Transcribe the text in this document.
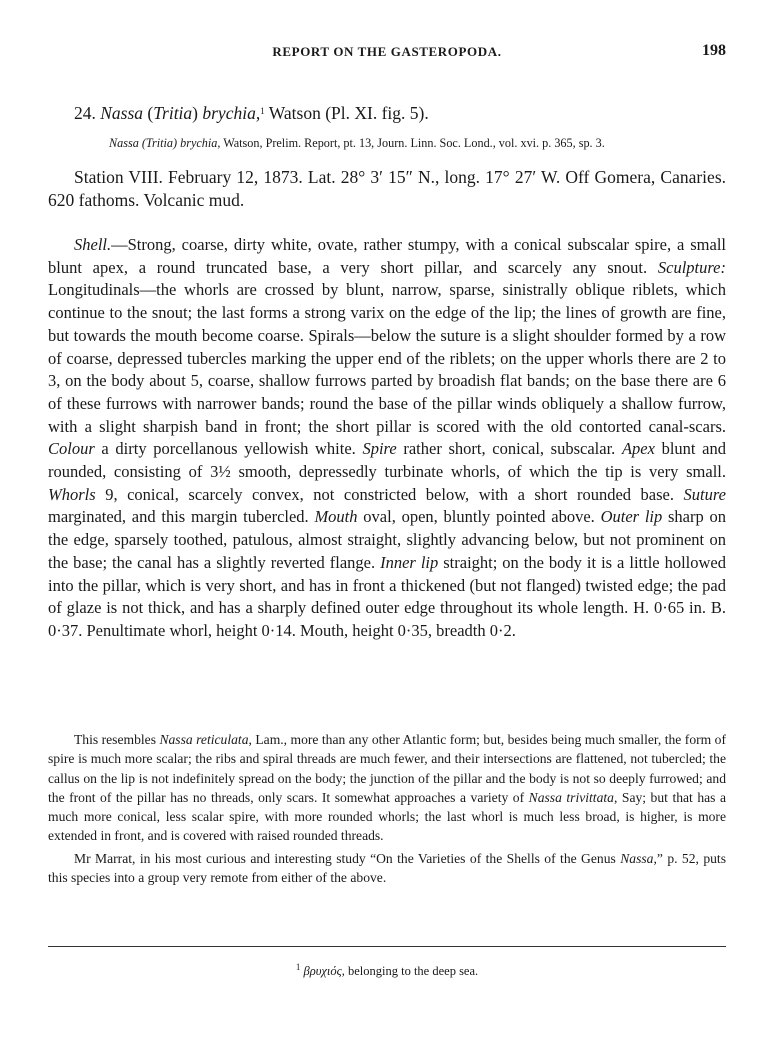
REPORT ON THE GASTEROPODA.	198
24. Nassa (Tritia) brychia,$^1$ Watson (Pl. XI. fig. 5).
Nassa (Tritia) brychia, Watson, Prelim. Report, pt. 13, Journ. Linn. Soc. Lond., vol. xvi. p. 365, sp. 3.

Station VIII. February 12, 1873. Lat. 28° 3′ 15″ N., long. 17° 27′ W. Off Gomera, Canaries. 620 fathoms. Volcanic mud.

Shell.—Strong, coarse, dirty white, ovate, rather stumpy, with a conical subscalar spire, a small blunt apex, a round truncated base, a very short pillar, and scarcely any snout. Sculpture: Longitudinals—the whorls are crossed by blunt, narrow, sparse, sinistrally oblique riblets, which continue to the snout; the last forms a strong varix on the edge of the lip; the lines of growth are fine, but towards the mouth become coarse. Spirals—below the suture is a slight shoulder formed by a row of coarse, depressed tubercles marking the upper end of the riblets; on the upper whorls there are 2 to 3, on the body about 5, coarse, shallow furrows parted by broadish flat bands; on the base there are 6 of these furrows with narrower bands; round the base of the pillar winds obliquely a shallow furrow, with a slight sharpish band in front; the short pillar is scored with the old contorted canal-scars. Colour a dirty porcellanous yellowish white. Spire rather short, conical, subscalar. Apex blunt and rounded, consisting of 3½ smooth, depressedly turbinate whorls, of which the tip is very small. Whorls 9, conical, scarcely convex, not constricted below, with a short rounded base. Suture marginated, and this margin tubercled. Mouth oval, open, bluntly pointed above. Outer lip sharp on the edge, sparsely toothed, patulous, almost straight, slightly advancing below, but not prominent on the base; the canal has a slightly reverted flange. Inner lip straight; on the body it is a little hollowed into the pillar, which is very short, and has in front a thickened (but not flanged) twisted edge; the pad of glaze is not thick, and has a sharply defined outer edge throughout its whole length. H. 0·65 in. B. 0·37. Penultimate whorl, height 0·14. Mouth, height 0·35, breadth 0·2.

This resembles Nassa reticulata, Lam., more than any other Atlantic form; but, besides being much smaller, the form of spire is much more scalar; the ribs and spiral threads are much fewer, and their intersections are flattened, not tubercled; the callus on the lip is not indefinitely spread on the body; the junction of the pillar and the body is not so deeply furrowed; and the front of the pillar has no threads, only scars. It somewhat approaches a variety of Nassa trivittata, Say; but that has a much more conical, less scalar spire, with more rounded whorls; the last whorl is much less broad, is higher, is more extended in front, and is covered with raised rounded threads.

Mr Marrat, in his most curious and interesting study “On the Varieties of the Shells of the Genus Nassa,” p. 52, puts this species into a group very remote from either of the above.

$^1$ βρυχιός, belonging to the deep sea.
